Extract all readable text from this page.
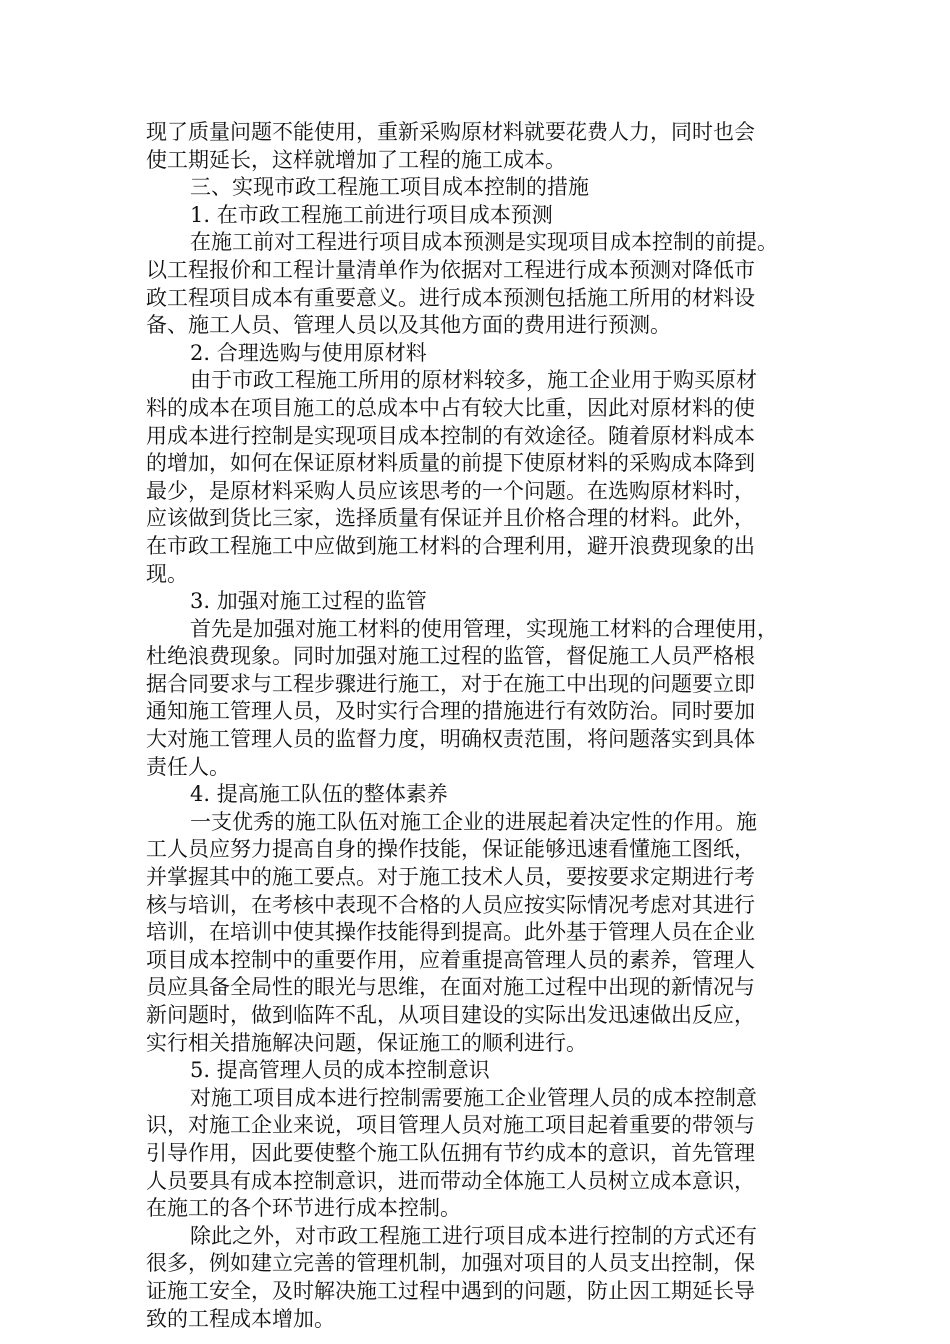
现了质量问题不能使用，重新采购原材料就要花费人力，同时也会
使工期延长，这样就增加了工程的施工成本。
三、实现市政工程施工项目成本控制的措施
1. 在市政工程施工前进行项目成本预测
在施工前对工程进行项目成本预测是实现项目成本控制的前提。
以工程报价和工程计量清单作为依据对工程进行成本预测对降低市
政工程项目成本有重要意义。进行成本预测包括施工所用的材料设
备、施工人员、管理人员以及其他方面的费用进行预测。
2. 合理选购与使用原材料
由于市政工程施工所用的原材料较多，施工企业用于购买原材
料的成本在项目施工的总成本中占有较大比重，因此对原材料的使
用成本进行控制是实现项目成本控制的有效途径。随着原材料成本
的增加，如何在保证原材料质量的前提下使原材料的采购成本降到
最少，是原材料采购人员应该思考的一个问题。在选购原材料时，
应该做到货比三家，选择质量有保证并且价格合理的材料。此外，
在市政工程施工中应做到施工材料的合理利用，避开浪费现象的出
现。
3. 加强对施工过程的监管
首先是加强对施工材料的使用管理，实现施工材料的合理使用，
杜绝浪费现象。同时加强对施工过程的监管，督促施工人员严格根
据合同要求与工程步骤进行施工，对于在施工中出现的问题要立即
通知施工管理人员，及时实行合理的措施进行有效防治。同时要加
大对施工管理人员的监督力度，明确权责范围，将问题落实到具体
责任人。
4. 提高施工队伍的整体素养
一支优秀的施工队伍对施工企业的进展起着决定性的作用。施
工人员应努力提高自身的操作技能，保证能够迅速看懂施工图纸，
并掌握其中的施工要点。对于施工技术人员，要按要求定期进行考
核与培训，在考核中表现不合格的人员应按实际情况考虑对其进行
培训，在培训中使其操作技能得到提高。此外基于管理人员在企业
项目成本控制中的重要作用，应着重提高管理人员的素养，管理人
员应具备全局性的眼光与思维，在面对施工过程中出现的新情况与
新问题时，做到临阵不乱，从项目建设的实际出发迅速做出反应，
实行相关措施解决问题，保证施工的顺利进行。
5. 提高管理人员的成本控制意识
对施工项目成本进行控制需要施工企业管理人员的成本控制意
识，对施工企业来说，项目管理人员对施工项目起着重要的带领与
引导作用，因此要使整个施工队伍拥有节约成本的意识，首先管理
人员要具有成本控制意识，进而带动全体施工人员树立成本意识，
在施工的各个环节进行成本控制。
除此之外，对市政工程施工进行项目成本进行控制的方式还有
很多，例如建立完善的管理机制，加强对项目的人员支出控制，保
证施工安全，及时解决施工过程中遇到的问题，防止因工期延长导
致的工程成本增加。
